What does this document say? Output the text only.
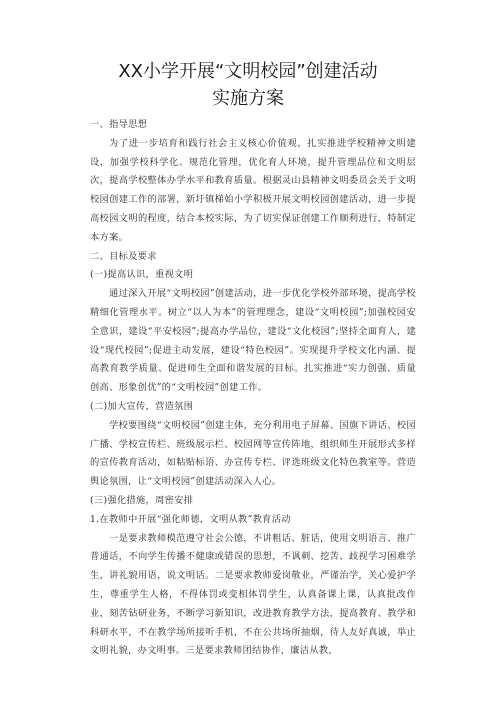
XX小学开展“文明校园”创建活动
实施方案

一、指导思想

为了进一步培育和践行社会主义核心价值观，扎实推进学校精神文明建设，加强学校科学化、规范化管理，优化育人环境，提升管理品位和文明层次，提高学校整体办学水平和教育质量。根据灵山县精神文明委员会关于文明校园创建工作的部署，新圩镇梯始小学积极开展文明校园创建活动，进一步提高校园文明的程度，结合本校实际，为了切实保证创建工作顺利进行，特制定本方案。

二、目标及要求

(一)提高认识，重视文明

通过深入开展“文明校园”创建活动，进一步优化学校外部环境，提高学校精细化管理水平。树立“以人为本”的管理理念，建设“文明校园”;加强校园安全意识，建设“平安校园”;提高办学品位，建设“文化校园”;坚持全面育人，建设“现代校园”;促进主动发展，建设“特色校园”。实现提升学校文化内涵、提高教育教学质量、促进师生全面和谐发展的目标。扎实推进“实力创强、质量创高、形象创优”的“文明校园”创建工作。

(二)加大宣传，营造氛围

学校要围绕“文明校园”创建主体，充分利用电子屏幕、国旗下讲话、校园广播、学校宣传栏、班级展示栏、校园网等宣传阵地，组织师生开展形式多样的宣传教育活动，如粘贴标语、办宣传专栏、评选班级文化特色教室等。营造舆论氛围，让“文明校园”创建活动深入人心。

(三)强化措施，周密安排

1.在教师中开展“强化师德，文明从教”教育活动

一是要求教师模范遵守社会公德，不讲粗话、脏话，使用文明语言、推广普通话，不向学生传播不健康或错误的思想，不讽刺、挖苦、歧视学习困难学生，讲礼貌用语，说文明话。二是要求教师爱岗敬业，严谨治学，关心爱护学生，尊重学生人格，不得体罚或变相体罚学生，认真备课上课，认真批改作业，刻苦钻研业务，不断学习新知识，改进教育教学方法，提高教育、教学和科研水平，不在教学场所接听手机，不在公共场所抽烟，待人友好真诚，举止文明礼貌，办文明事。三是要求教师团结协作，廉洁从教，
